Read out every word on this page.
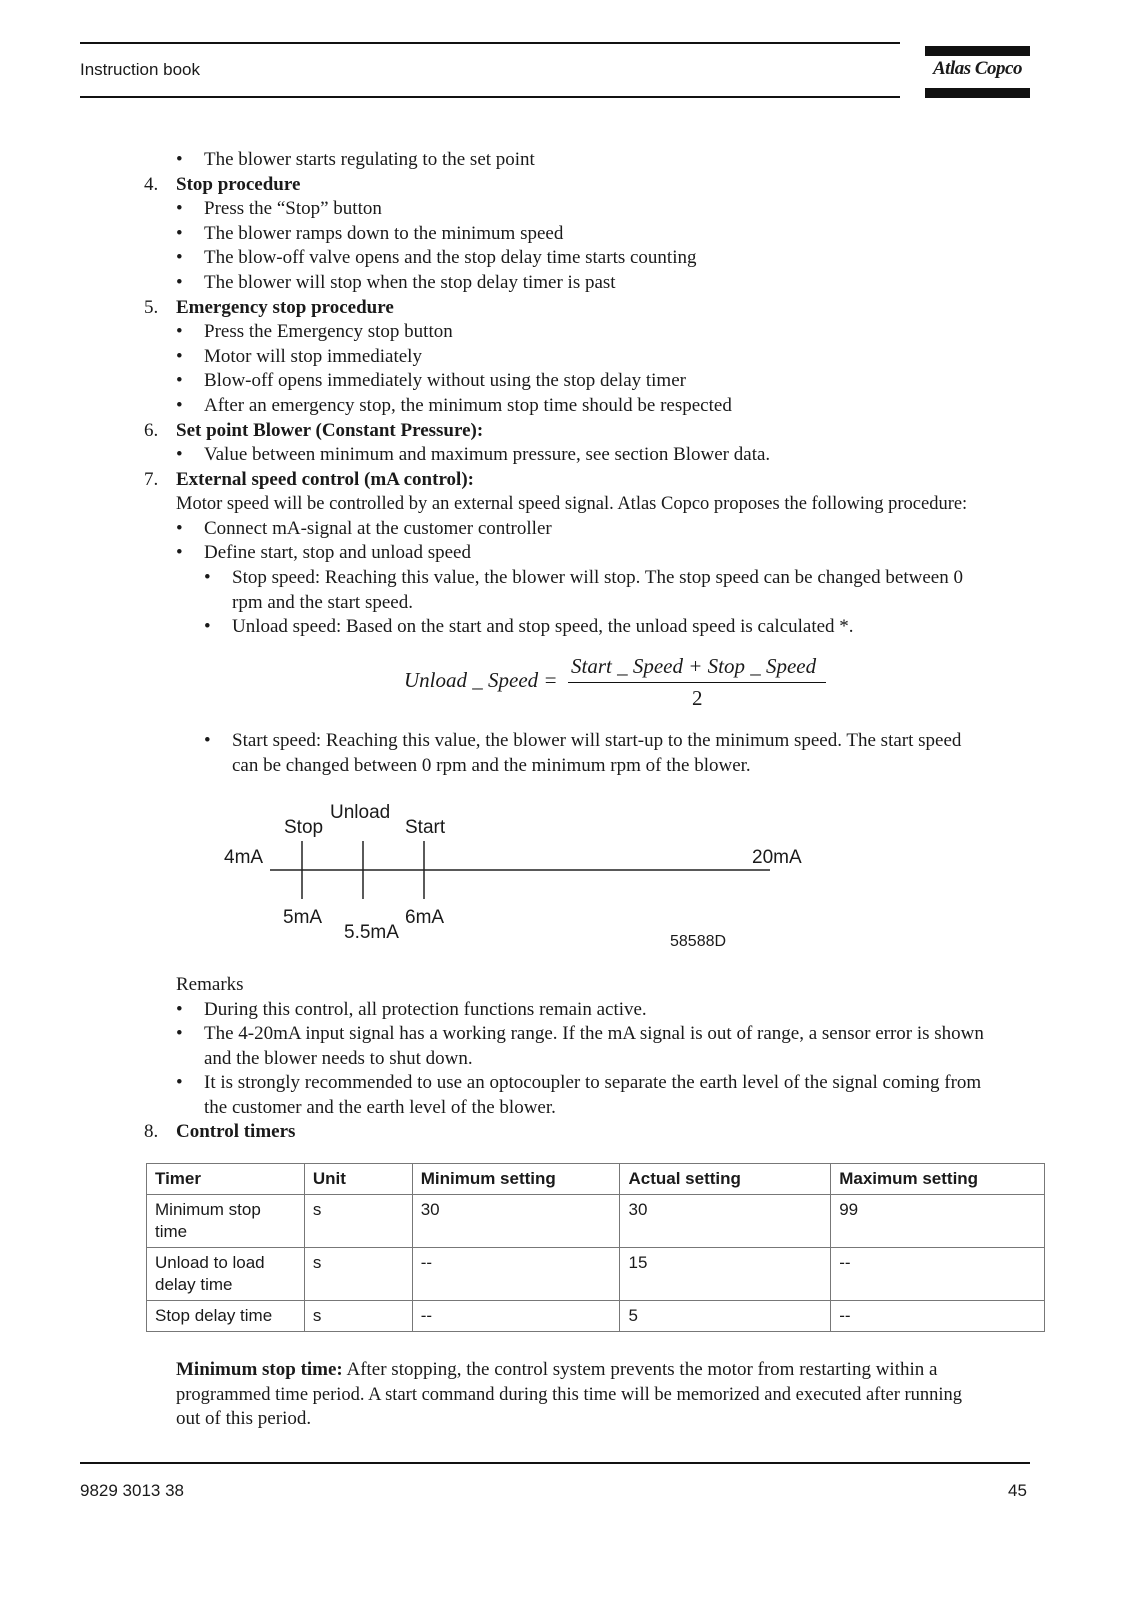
Instruction book	Atlas Copco
• The blower starts regulating to the set point
4. Stop procedure
• Press the “Stop” button
• The blower ramps down to the minimum speed
• The blow-off valve opens and the stop delay time starts counting
• The blower will stop when the stop delay timer is past
5. Emergency stop procedure
• Press the Emergency stop button
• Motor will stop immediately
• Blow-off opens immediately without using the stop delay timer
• After an emergency stop, the minimum stop time should be respected
6. Set point Blower (Constant Pressure):
• Value between minimum and maximum pressure, see section Blower data.
7. External speed control (mA control):
Motor speed will be controlled by an external speed signal. Atlas Copco proposes the following procedure:
• Connect mA-signal at the customer controller
• Define start, stop and unload speed
• Stop speed: Reaching this value, the blower will stop. The stop speed can be changed between 0
rpm and the start speed.
• Unload speed: Based on the start and stop speed, the unload speed is calculated *.
Unload _ Speed =
Start _ Speed + Stop _ Speed
2
• Start speed: Reaching this value, the blower will start-up to the minimum speed. The start speed
can be changed between 0 rpm and the minimum rpm of the blower.
4mA	20mA
Stop
Unload
Start
5mA
5.5mA
6mA
58588D
Remarks
• During this control, all protection functions remain active.
• The 4-20mA input signal has a working range. If the mA signal is out of range, a sensor error is shown
and the blower needs to shut down.
• It is strongly recommended to use an optocoupler to separate the earth level of the signal coming from
the customer and the earth level of the blower.
8. Control timers
Timer	Unit	Minimum setting	Actual setting	Maximum setting
Minimum stop time	s	30	30	99
Unload to load delay time	s	--	15	--
Stop delay time	s	--	5	--
Minimum stop time: After stopping, the control system prevents the motor from restarting within a
programmed time period. A start command during this time will be memorized and executed after running
out of this period.
9829 3013 38	45
